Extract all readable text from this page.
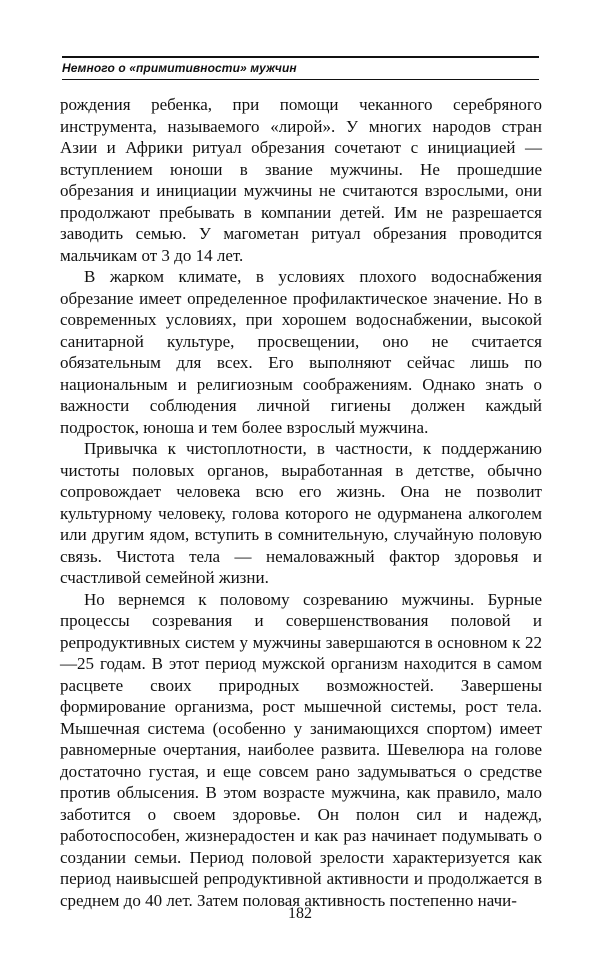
Немного о «примитивности» мужчин

рождения ребенка, при помощи чеканного серебряного инструмента, называемого «лирой». У многих народов стран Азии и Африки ритуал обрезания сочетают с инициацией — вступлением юноши в звание мужчины. Не прошедшие обрезания и инициации мужчины не считаются взрослыми, они продолжают пребывать в компании детей. Им не разрешается заводить семью. У магометан ритуал обрезания проводится мальчикам от 3 до 14 лет.

В жарком климате, в условиях плохого водоснабжения обрезание имеет определенное профилактическое значение. Но в современных условиях, при хорошем водоснабжении, высокой санитарной культуре, просвещении, оно не считается обязательным для всех. Его выполняют сейчас лишь по национальным и религиозным соображениям. Однако знать о важности соблюдения личной гигиены должен каждый подросток, юноша и тем более взрослый мужчина.

Привычка к чистоплотности, в частности, к поддержанию чистоты половых органов, выработанная в детстве, обычно сопровождает человека всю его жизнь. Она не позволит культурному человеку, голова которого не одурманена алкоголем или другим ядом, вступить в сомнительную, случайную половую связь. Чистота тела — немаловажный фактор здоровья и счастливой семейной жизни.

Но вернемся к половому созреванию мужчины. Бурные процессы созревания и совершенствования половой и репродуктивных систем у мужчины завершаются в основном к 22—25 годам. В этот период мужской организм находится в самом расцвете своих природных возможностей. Завершены формирование организма, рост мышечной системы, рост тела. Мышечная система (особенно у занимающихся спортом) имеет равномерные очертания, наиболее развита. Шевелюра на голове достаточно густая, и еще совсем рано задумываться о средстве против облысения. В этом возрасте мужчина, как правило, мало заботится о своем здоровье. Он полон сил и надежд, работоспособен, жизнерадостен и как раз начинает подумывать о создании семьи. Период половой зрелости характеризуется как период наивысшей репродуктивной активности и продолжается в среднем до 40 лет. Затем половая активность постепенно начи-

182
